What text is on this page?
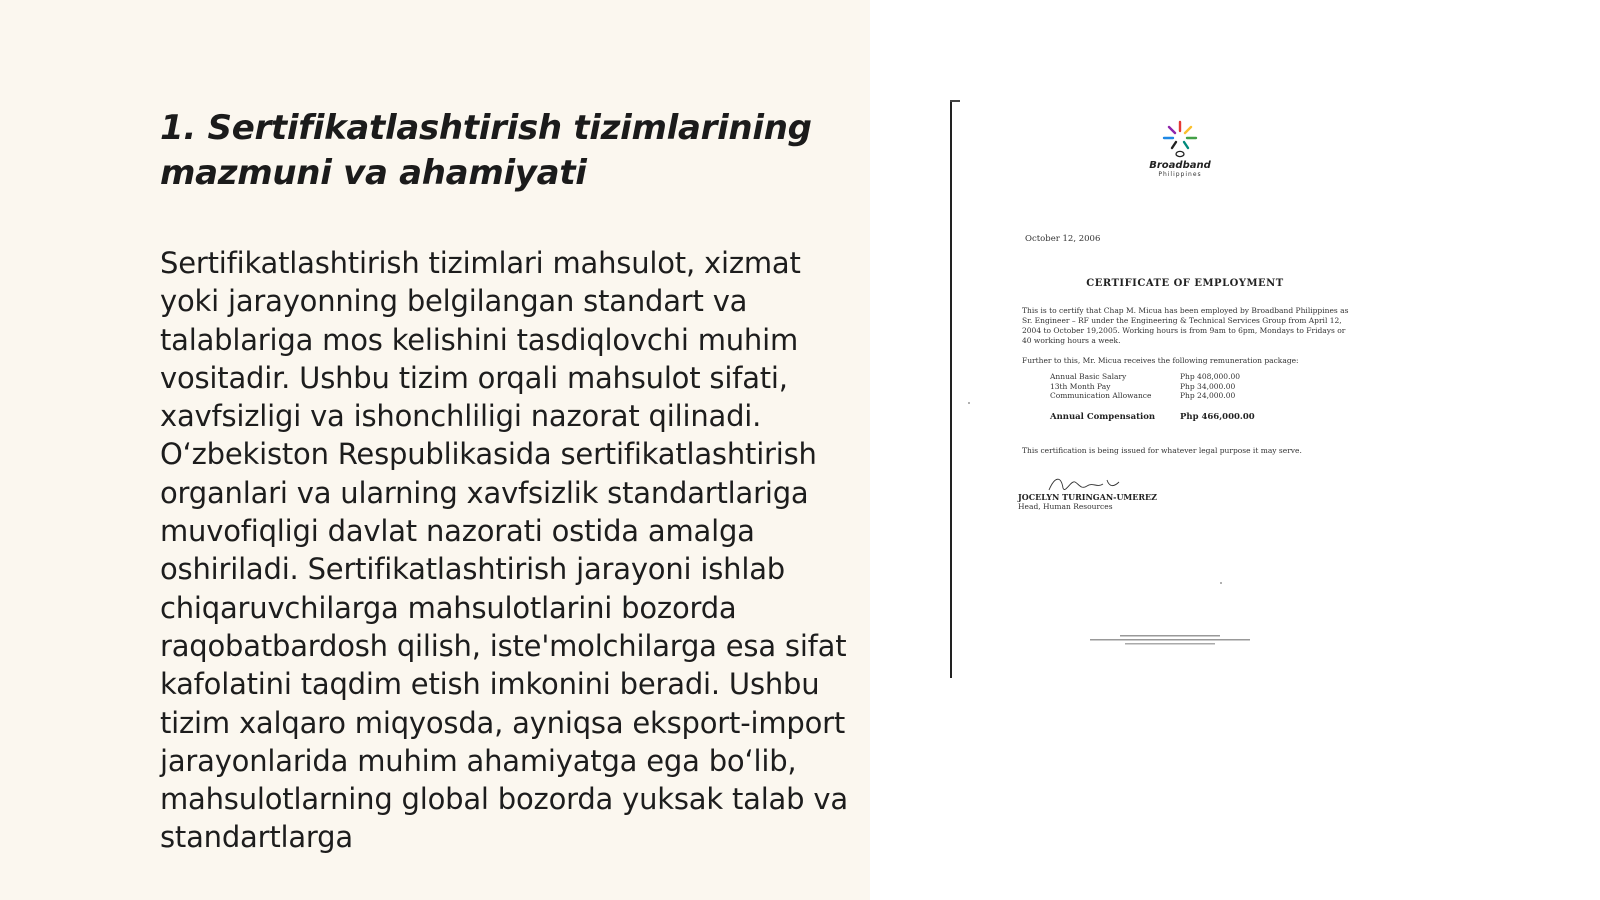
1. Sertifikatlashtirish tizimlarining mazmuni va ahamiyati

Sertifikatlashtirish tizimlari mahsulot, xizmat yoki jarayonning belgilangan standart va talablariga mos kelishini tasdiqlovchi muhim vositadir. Ushbu tizim orqali mahsulot sifati, xavfsizligi va ishonchliligi nazorat qilinadi. O‘zbekiston Respublikasida sertifikatlashtirish organlari va ularning xavfsizlik standartlariga muvofiqligi davlat nazorati ostida amalga oshiriladi. Sertifikatlashtirish jarayoni ishlab chiqaruvchilarga mahsulotlarini bozorda raqobatbardosh qilish, iste'molchilarga esa sifat kafolatini taqdim etish imkonini beradi. Ushbu tizim xalqaro miqyosda, ayniqsa eksport-import jarayonlarida muhim ahamiyatga ega bo‘lib, mahsulotlarning global bozorda yuksak talab va standartlarga

Broadband
Philippines
October 12, 2006
CERTIFICATE OF EMPLOYMENT
This is to certify that Chap M. Micua has been employed by Broadband Philippines as Sr. Engineer – RF under the Engineering & Technical Services Group from April 12, 2004 to October 19,2005. Working hours is from 9am to 6pm, Mondays to Fridays or 40 working hours a week.
Further to this, Mr. Micua receives the following remuneration package:
Annual Basic Salary	Php 408,000.00
13th Month Pay	Php 34,000.00
Communication Allowance	Php 24,000.00
Annual Compensation	Php 466,000.00
This certification is being issued for whatever legal purpose it may serve.
JOCELYN TURINGAN-UMEREZ
Head, Human Resources
